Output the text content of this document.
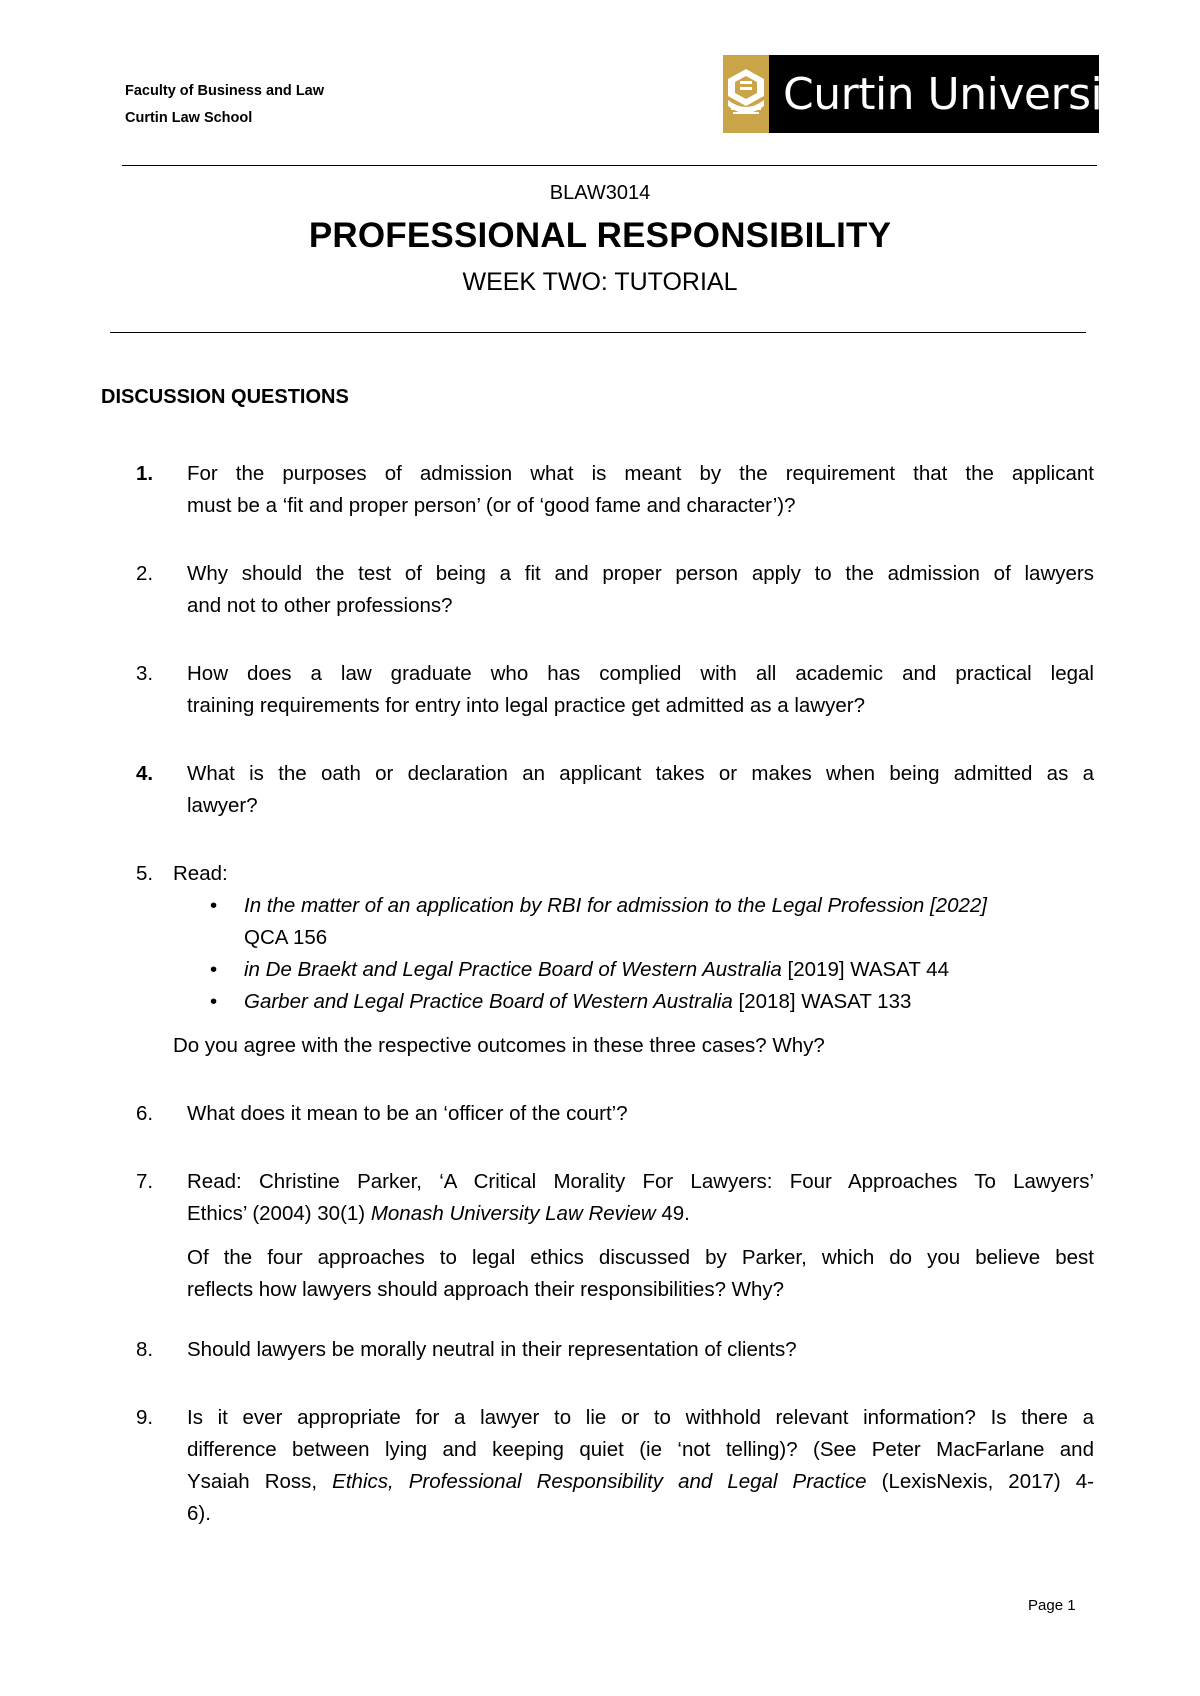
Faculty of Business and Law
Curtin Law School	Curtin University
BLAW3014
PROFESSIONAL RESPONSIBILITY
WEEK TWO: TUTORIAL
DISCUSSION QUESTIONS
1. For the purposes of admission what is meant by the requirement that the applicant
must be a ‘fit and proper person’ (or of ‘good fame and character’)?
2. Why should the test of being a fit and proper person apply to the admission of lawyers
and not to other professions?
3. How does a law graduate who has complied with all academic and practical legal
training requirements for entry into legal practice get admitted as a lawyer?
4. What is the oath or declaration an applicant takes or makes when being admitted as a
lawyer?
5. Read:
• In the matter of an application by RBI for admission to the Legal Profession [2022]
QCA 156
• in De Braekt and Legal Practice Board of Western Australia [2019] WASAT 44
• Garber and Legal Practice Board of Western Australia [2018] WASAT 133
Do you agree with the respective outcomes in these three cases? Why?
6. What does it mean to be an ‘officer of the court’?
7. Read: Christine Parker, ‘A Critical Morality For Lawyers: Four Approaches To Lawyers’
Ethics’ (2004) 30(1) Monash University Law Review 49.
Of the four approaches to legal ethics discussed by Parker, which do you believe best
reflects how lawyers should approach their responsibilities? Why?
8. Should lawyers be morally neutral in their representation of clients?
9. Is it ever appropriate for a lawyer to lie or to withhold relevant information? Is there a
difference between lying and keeping quiet (ie ‘not telling)? (See Peter MacFarlane and
Ysaiah Ross, Ethics, Professional Responsibility and Legal Practice (LexisNexis, 2017) 4-
6).
Page 1
